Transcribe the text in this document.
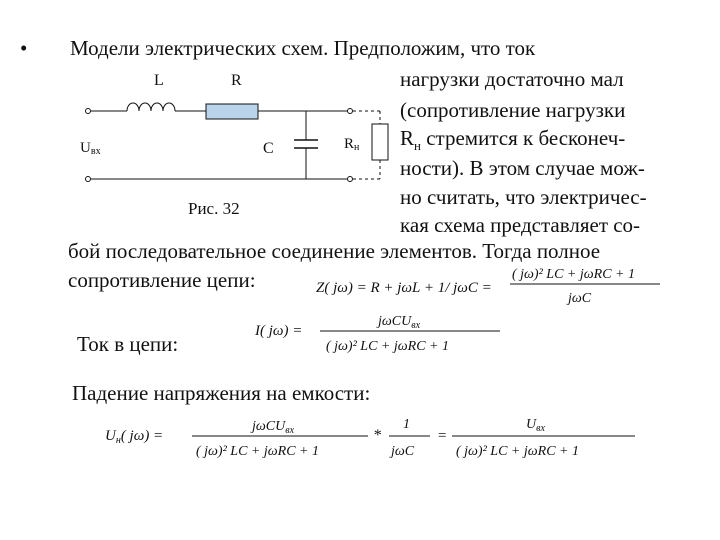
• Модели электрических схем. Предположим, что ток
нагрузки достаточно мал
(сопротивление нагрузки
$R_н$ стремится к бесконеч-
ности). В этом случае мож-
но считать, что электричес-
кая схема представляет со-
бой последовательное соединение элементов. Тогда полное
сопротивление цепи:
Ток в цепи:
Падение напряжения на емкости:
L	R
C
Uвх	Rн
Рис. 32
Z( jω) = R + jωL + 1/ jωC =
( jω)² LC + jωRC + 1
jωC
I( jω) =
jωCU$_{вх}$
( jω)² LC + jωRC + 1
$U_н$( jω) =
jωCU$_{вх}$
( jω)² LC + jωRC + 1
*
1
jωC
=
$U_{вх}$
( jω)² LC + jωRC + 1
